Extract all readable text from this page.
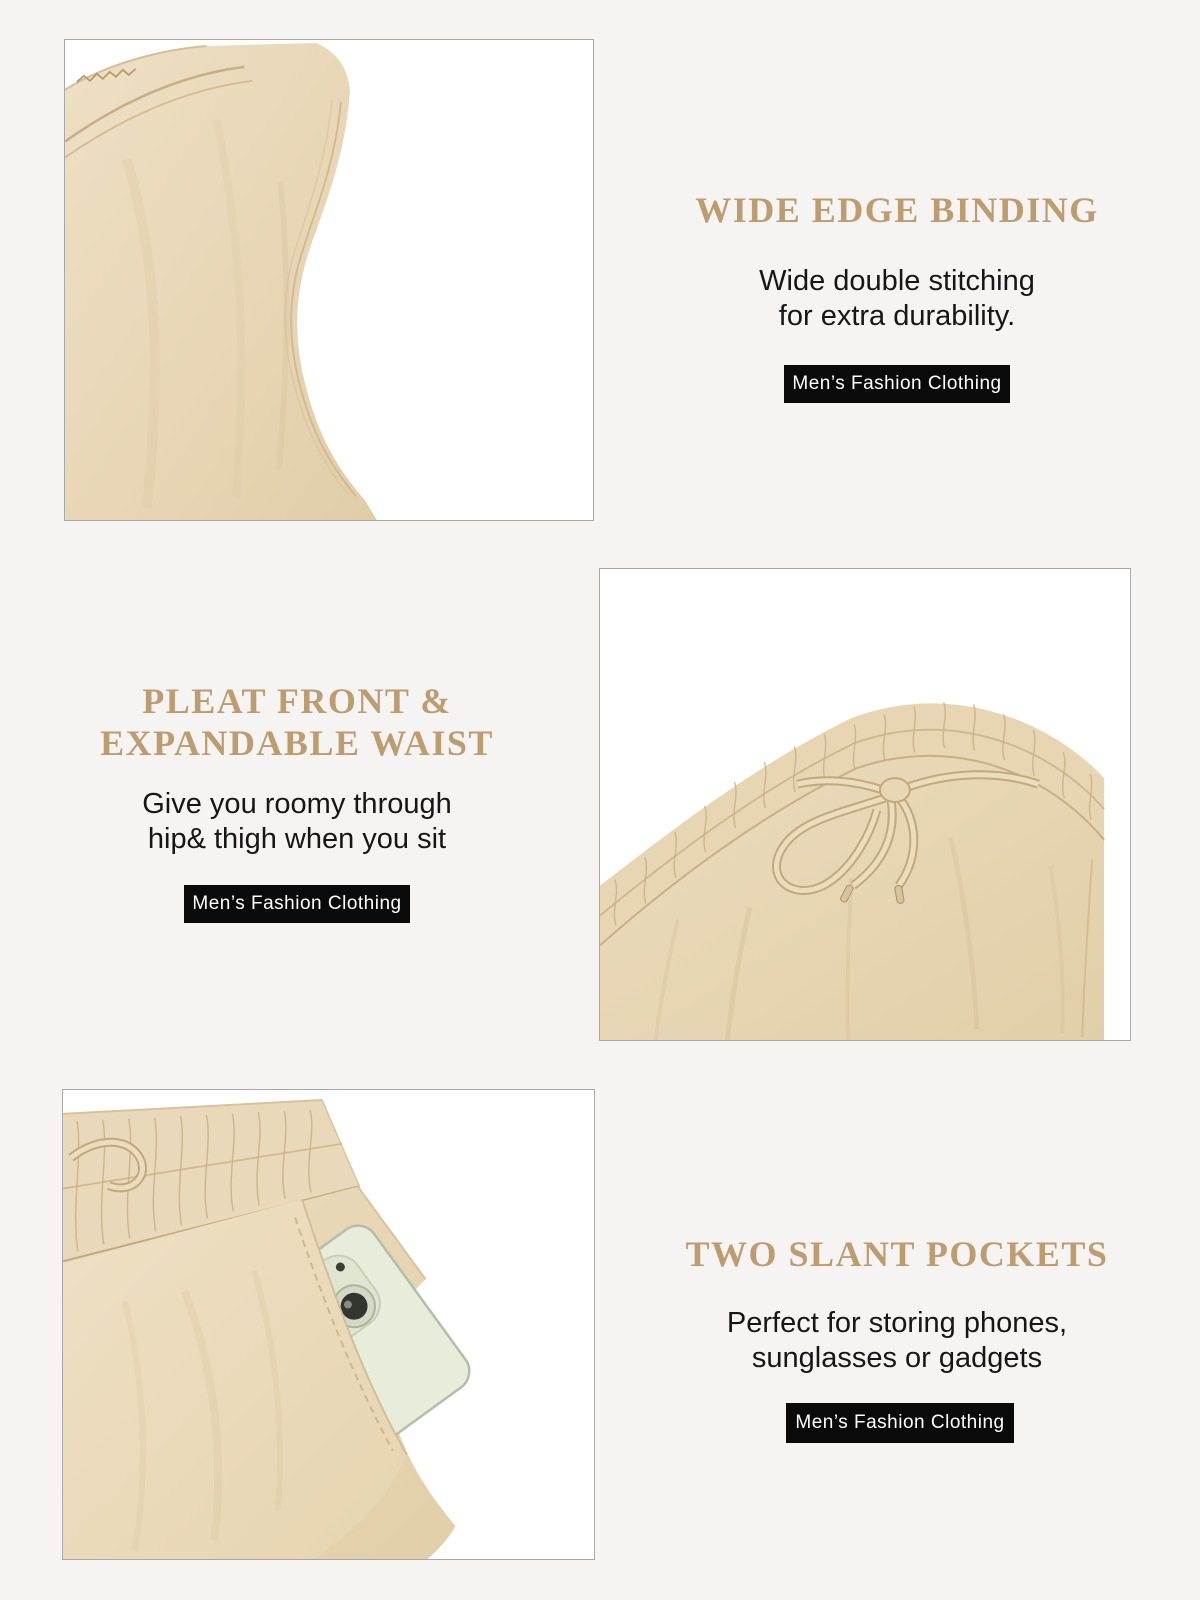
WIDE EDGE BINDING

Wide double stitching
for extra durability.

Men’s Fashion Clothing
PLEAT FRONT &
EXPANDABLE WAIST

Give you roomy through
hip& thigh when you sit

Men’s Fashion Clothing
TWO SLANT POCKETS

Perfect for storing phones,
sunglasses or gadgets

Men’s Fashion Clothing
